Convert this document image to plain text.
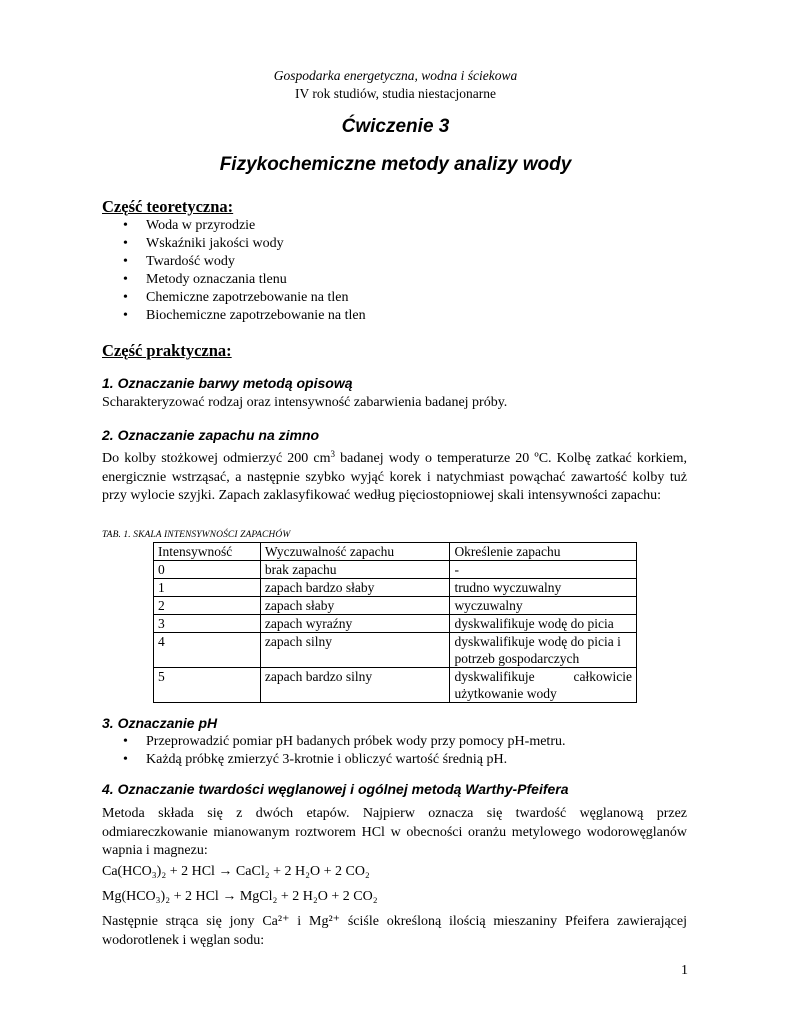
Gospodarka energetyczna, wodna i ściekowa
IV rok studiów, studia niestacjonarne
Ćwiczenie 3
Fizykochemiczne metody analizy wody
Część teoretyczna:
• Woda w przyrodzie
• Wskaźniki jakości wody
• Twardość wody
• Metody oznaczania tlenu
• Chemiczne zapotrzebowanie na tlen
• Biochemiczne zapotrzebowanie na tlen
Część praktyczna:
1. Oznaczanie barwy metodą opisową
Scharakteryzować rodzaj oraz intensywność zabarwienia badanej próby.
2. Oznaczanie zapachu na zimno
Do kolby stożkowej odmierzyć 200 $cm^3$ badanej wody o temperaturze 20 ºC. Kolbę zatkać korkiem, energicznie wstrząsać, a następnie szybko wyjąć korek i natychmiast powąchać zawartość kolby tuż przy wylocie szyjki. Zapach zaklasyfikować według pięciostopniowej skali intensywności zapachu:
TAB. 1. SKALA INTENSYWNOŚCI ZAPACHÓW
Intensywność	Wyczuwalność zapachu	Określenie zapachu
0	brak zapachu	-
1	zapach bardzo słaby	trudno wyczuwalny
2	zapach słaby	wyczuwalny
3	zapach wyraźny	dyskwalifikuje wodę do picia
4	zapach silny	dyskwalifikuje wodę do picia i potrzeb gospodarczych
5	zapach bardzo silny	dyskwalifikuje całkowicie użytkowanie wody
3. Oznaczanie pH
• Przeprowadzić pomiar pH badanych próbek wody przy pomocy pH-metru.
• Każdą próbkę zmierzyć 3-krotnie i obliczyć wartość średnią pH.
4. Oznaczanie twardości węglanowej i ogólnej metodą Warthy-Pfeifera
Metoda składa się z dwóch etapów. Najpierw oznacza się twardość węglanową przez odmiareczkowanie mianowanym roztworem HCl w obecności oranżu metylowego wodorowęglanów wapnia i magnezu:
Ca(HCO₃)₂ + 2 HCl → CaCl₂ + 2 H₂O + 2 CO₂
Mg(HCO₃)₂ + 2 HCl → MgCl₂ + 2 H₂O + 2 CO₂
Następnie strąca się jony Ca²⁺ i Mg²⁺ ściśle określoną ilością mieszaniny Pfeifera zawierającej wodorotlenek i węglan sodu:
1
